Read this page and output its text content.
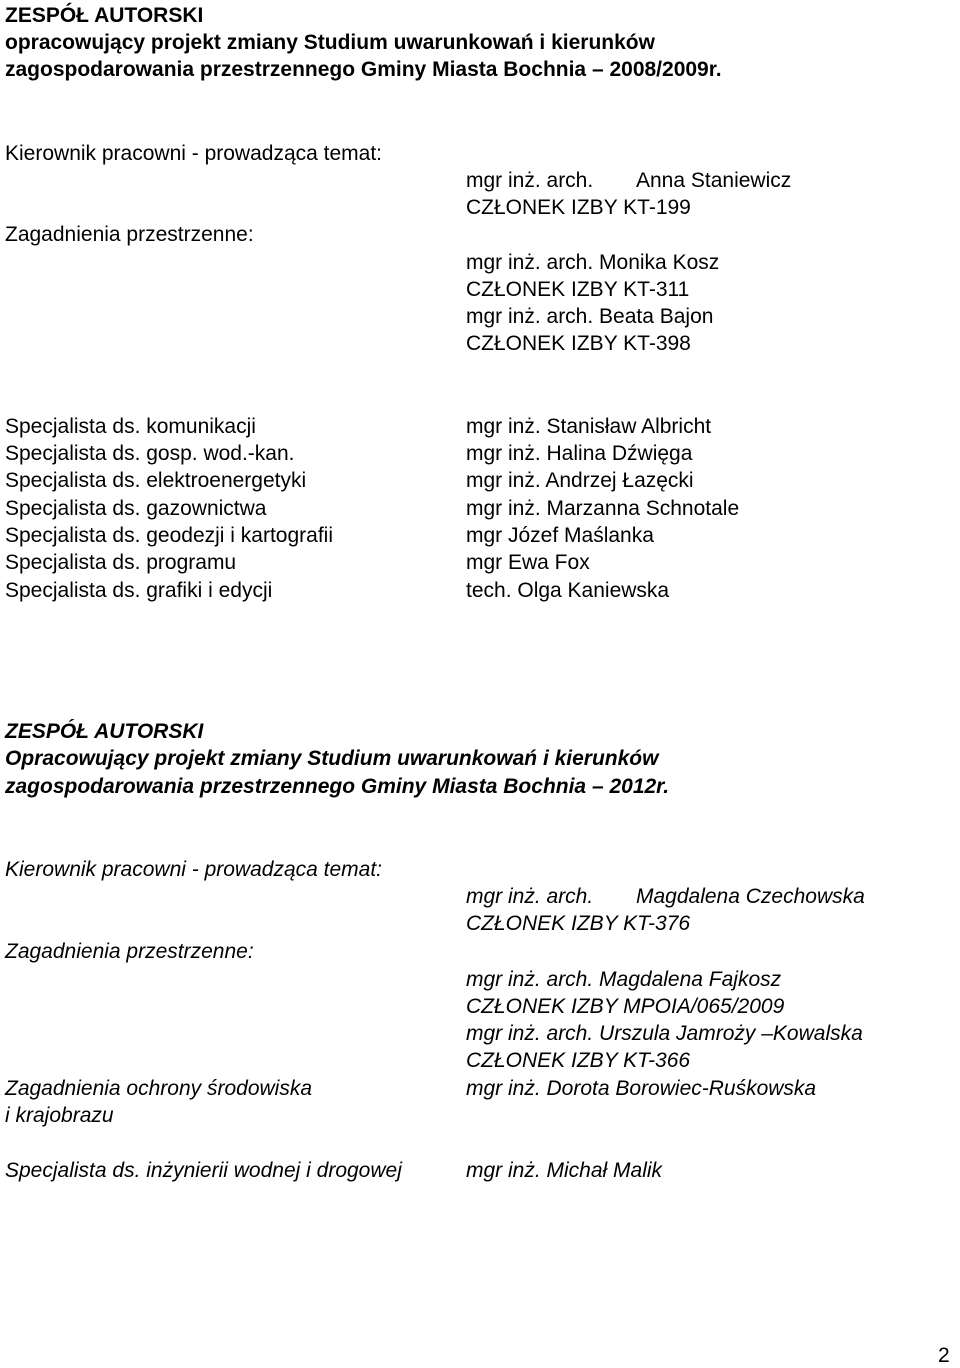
ZESPÓŁ AUTORSKI
opracowujący projekt zmiany Studium uwarunkowań i kierunków
zagospodarowania przestrzennego Gminy Miasta Bochnia – 2008/2009r.
Kierownik pracowni - prowadząca temat:
mgr inż. arch. Anna Staniewicz
CZŁONEK IZBY KT-199
Zagadnienia przestrzenne:
mgr inż. arch. Monika Kosz
CZŁONEK IZBY KT-311
mgr inż. arch. Beata Bajon
CZŁONEK IZBY KT-398
Specjalista ds. komunikacji	mgr inż. Stanisław Albricht
Specjalista ds. gosp. wod.-kan.	mgr inż. Halina Dźwięga
Specjalista ds. elektroenergetyki	mgr inż. Andrzej Łazęcki
Specjalista ds. gazownictwa	mgr inż. Marzanna Schnotale
Specjalista ds. geodezji i kartografii	mgr Józef Maślanka
Specjalista ds. programu	mgr Ewa Fox
Specjalista ds. grafiki i edycji	tech. Olga Kaniewska
ZESPÓŁ AUTORSKI
Opracowujący projekt zmiany Studium uwarunkowań i kierunków
zagospodarowania przestrzennego Gminy Miasta Bochnia – 2012r.
Kierownik pracowni - prowadząca temat:
mgr inż. arch. Magdalena Czechowska
CZŁONEK IZBY KT-376
Zagadnienia przestrzenne:
mgr inż. arch. Magdalena Fajkosz
CZŁONEK IZBY MPOIA/065/2009
mgr inż. arch. Urszula Jamroży –Kowalska
CZŁONEK IZBY KT-366
Zagadnienia ochrony środowiska	mgr inż. Dorota Borowiec-Ruśkowska
i krajobrazu
Specjalista ds. inżynierii wodnej i drogowej	mgr inż. Michał Malik
2
